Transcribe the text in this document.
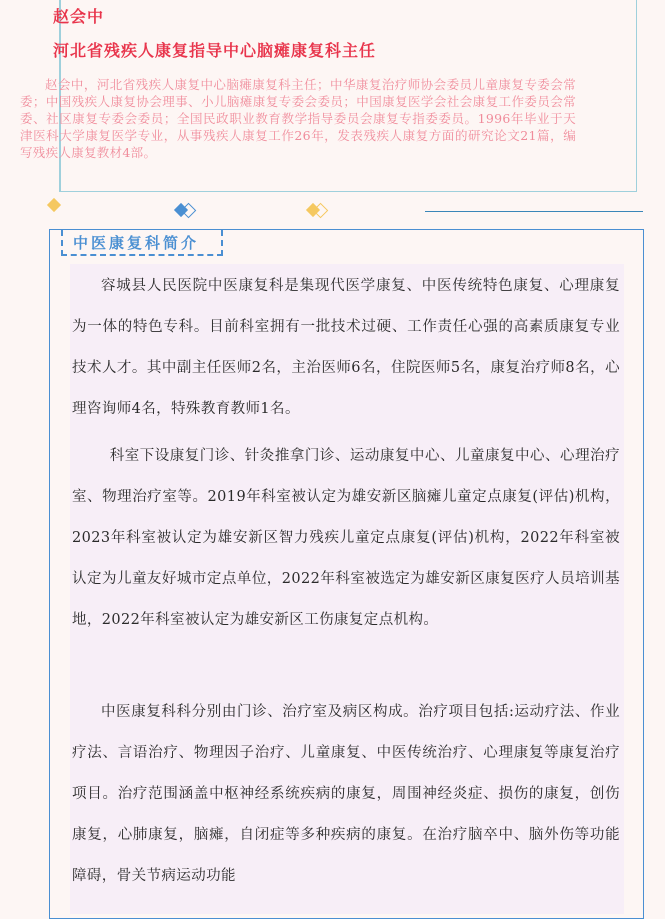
赵会中

河北省残疾人康复指导中心脑瘫康复科主任

赵会中，河北省残疾人康复中心脑瘫康复科主任；中华康复治疗师协会委员儿童康复专委会常委；中国残疾人康复协会理事、小儿脑瘫康复专委会委员；中国康复医学会社会康复工作委员会常委、社区康复专委会委员；全国民政职业教育教学指导委员会康复专指委委员。1996年毕业于天津医科大学康复医学专业，从事残疾人康复工作26年，发表残疾人康复方面的研究论文21篇，编写残疾人康复教材4部。

中医康复科简介

容城县人民医院中医康复科是集现代医学康复、中医传统特色康复、心理康复为一体的特色专科。目前科室拥有一批技术过硬、工作责任心强的高素质康复专业技术人才。其中副主任医师2名，主治医师6名，住院医师5名，康复治疗师8名，心理咨询师4名，特殊教育教师1名。

科室下设康复门诊、针灸推拿门诊、运动康复中心、儿童康复中心、心理治疗室、物理治疗室等。2019年科室被认定为雄安新区脑瘫儿童定点康复(评估)机构，2023年科室被认定为雄安新区智力残疾儿童定点康复(评估)机构，2022年科室被认定为儿童友好城市定点单位，2022年科室被选定为雄安新区康复医疗人员培训基地，2022年科室被认定为雄安新区工伤康复定点机构。

中医康复科科分别由门诊、治疗室及病区构成。治疗项目包括:运动疗法、作业疗法、言语治疗、物理因子治疗、儿童康复、中医传统治疗、心理康复等康复治疗项目。治疗范围涵盖中枢神经系统疾病的康复，周围神经炎症、损伤的康复，创伤康复，心肺康复，脑瘫，自闭症等多种疾病的康复。在治疗脑卒中、脑外伤等功能障碍，骨关节病运动功能
